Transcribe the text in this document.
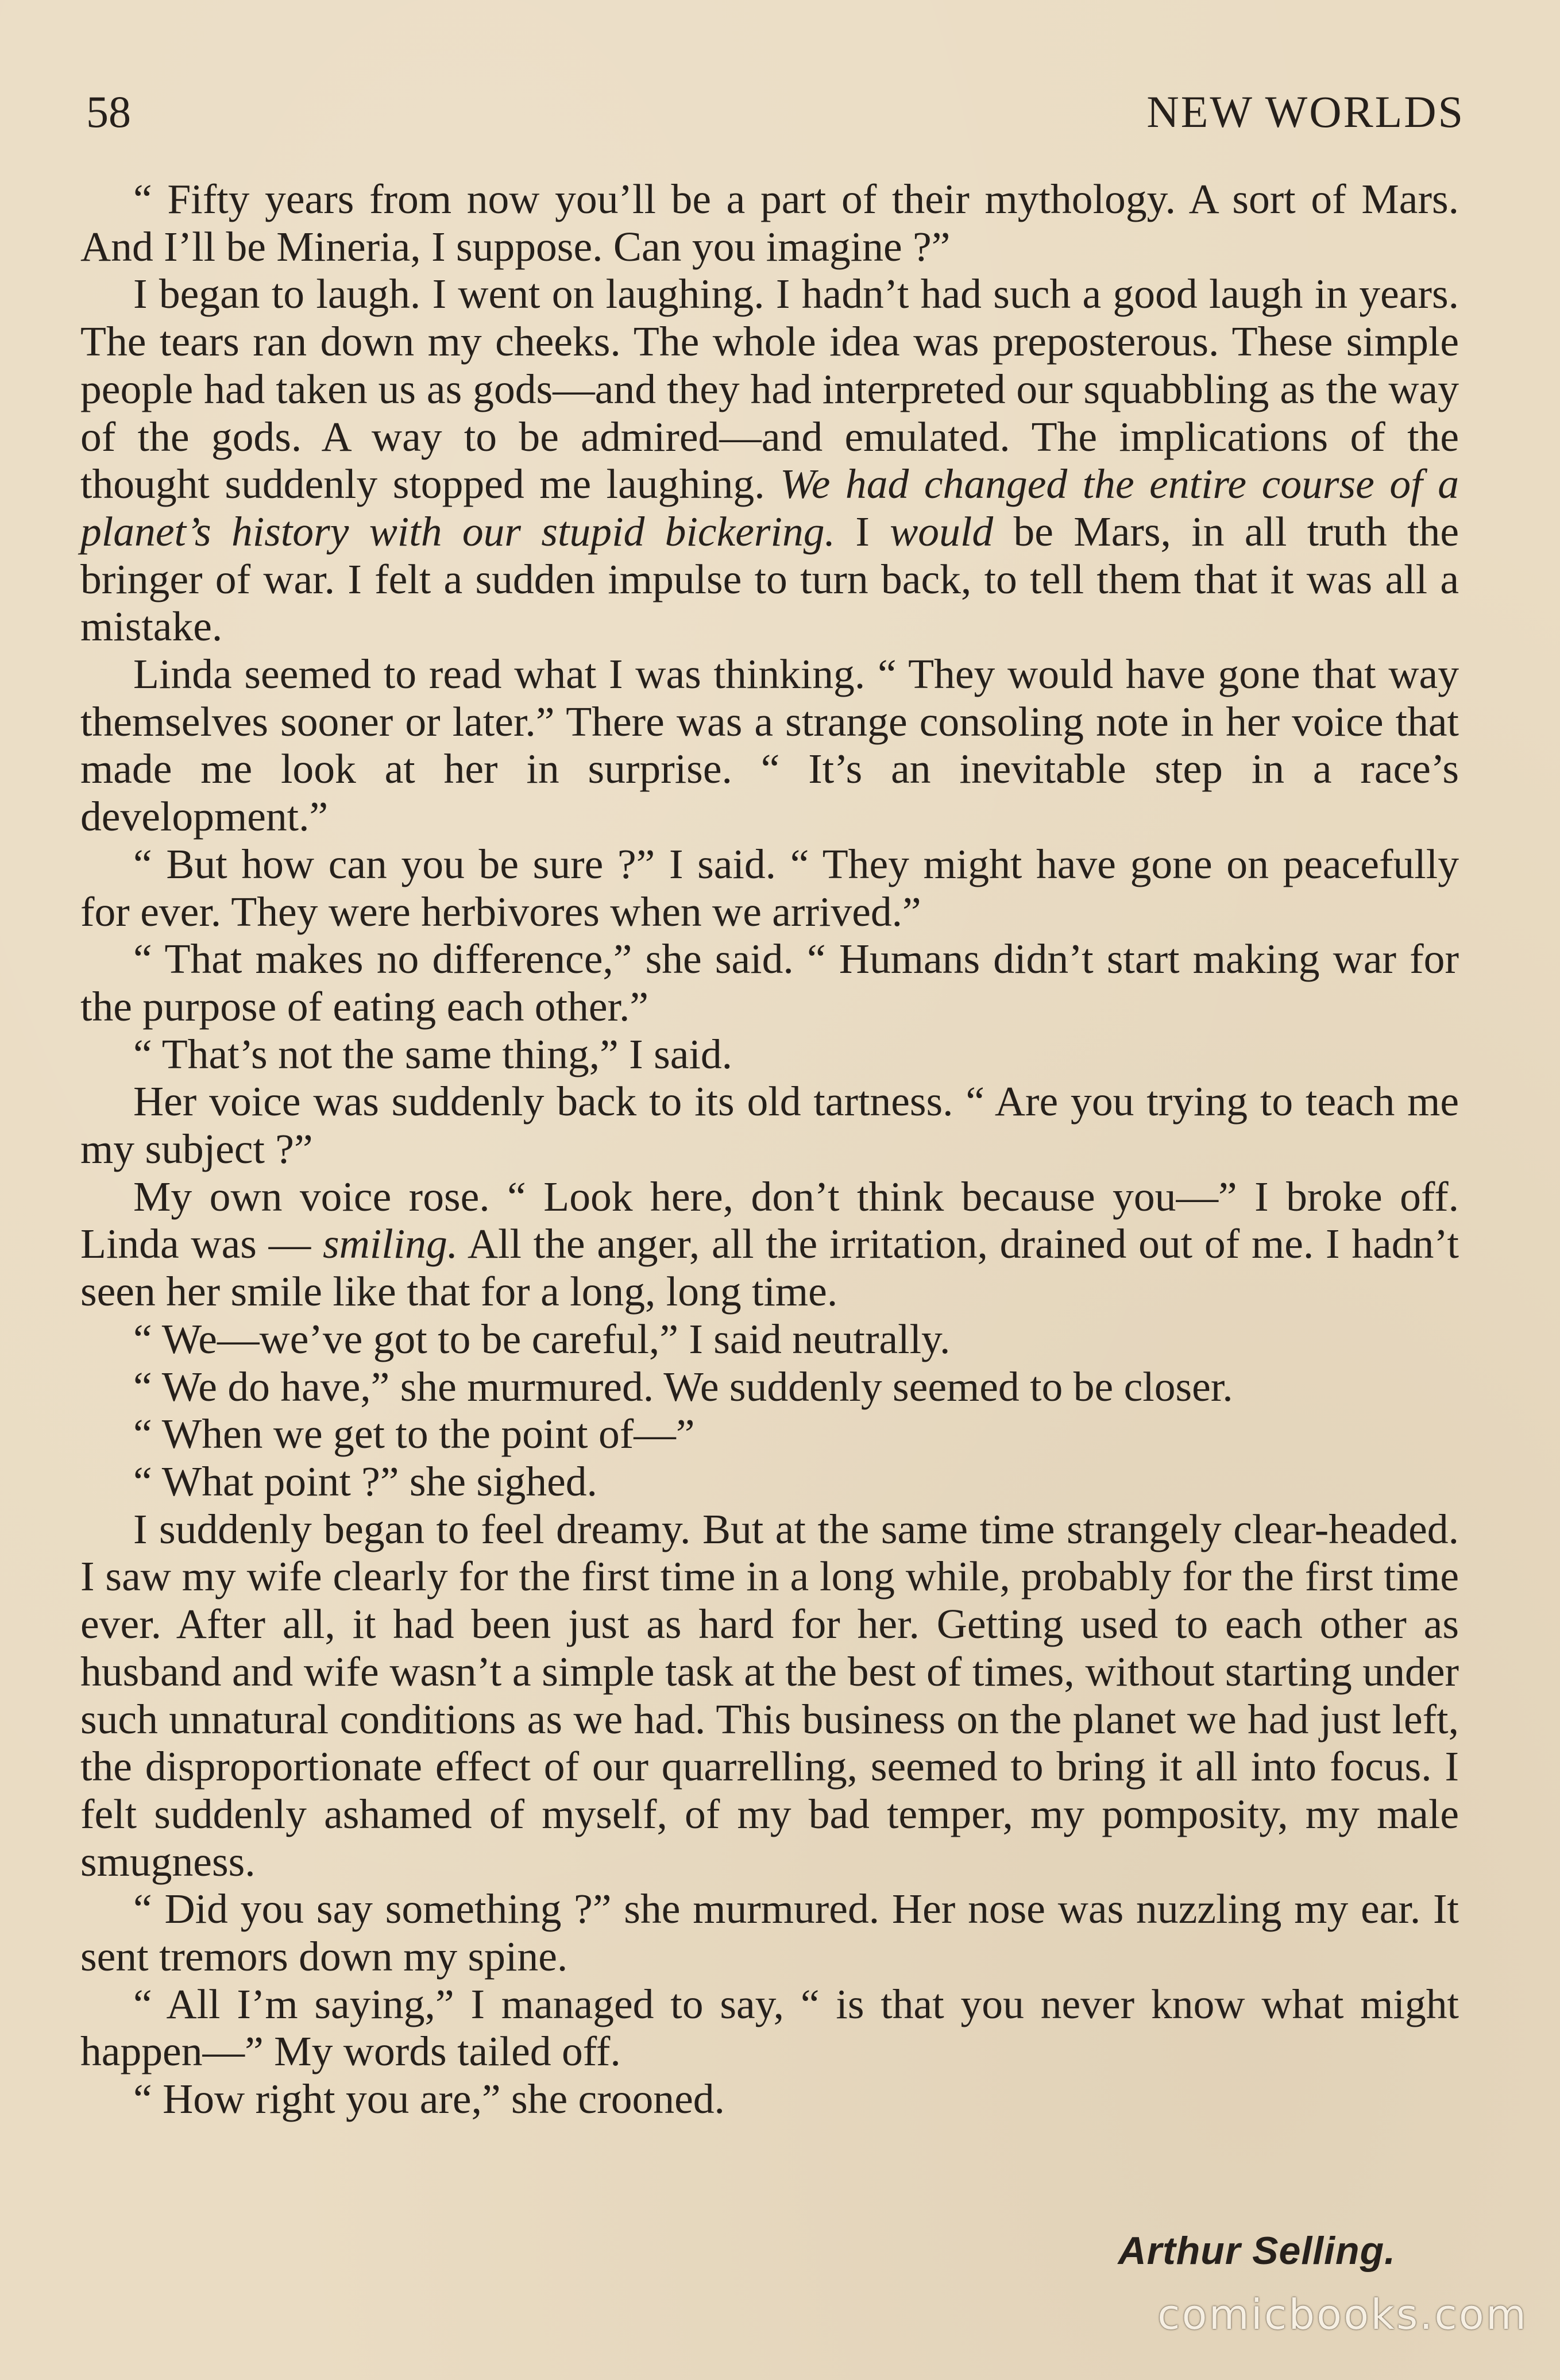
58	NEW WORLDS

“ Fifty years from now you’ll be a part of their mythology. A sort of Mars. And I’ll be Mineria, I suppose. Can you imagine ?”

I began to laugh. I went on laughing. I hadn’t had such a good laugh in years. The tears ran down my cheeks. The whole idea was preposterous. These simple people had taken us as gods—and they had interpreted our squabbling as the way of the gods. A way to be admired—and emulated. The implications of the thought suddenly stopped me laughing. We had changed the entire course of a planet’s history with our stupid bickering. I would be Mars, in all truth the bringer of war. I felt a sudden impulse to turn back, to tell them that it was all a mistake.

Linda seemed to read what I was thinking. “ They would have gone that way themselves sooner or later.” There was a strange consoling note in her voice that made me look at her in surprise. “ It’s an inevitable step in a race’s development.”

“ But how can you be sure ?” I said. “ They might have gone on peacefully for ever. They were herbivores when we arrived.”

“ That makes no difference,” she said. “ Humans didn’t start making war for the purpose of eating each other.”

“ That’s not the same thing,” I said.

Her voice was suddenly back to its old tartness. “ Are you trying to teach me my subject ?”

My own voice rose. “ Look here, don’t think because you—” I broke off. Linda was — smiling. All the anger, all the irritation, drained out of me. I hadn’t seen her smile like that for a long, long time.

“ We—we’ve got to be careful,” I said neutrally.

“ We do have,” she murmured. We suddenly seemed to be closer.

“ When we get to the point of—”

“ What point ?” she sighed.

I suddenly began to feel dreamy. But at the same time strangely clear-headed. I saw my wife clearly for the first time in a long while, probably for the first time ever. After all, it had been just as hard for her. Getting used to each other as husband and wife wasn’t a simple task at the best of times, without starting under such unnatural conditions as we had. This business on the planet we had just left, the disproportionate effect of our quarrelling, seemed to bring it all into focus. I felt suddenly ashamed of myself, of my bad temper, my pomposity, my male smugness.

“ Did you say something ?” she murmured. Her nose was nuzzling my ear. It sent tremors down my spine.

“ All I’m saying,” I managed to say, “ is that you never know what might happen—” My words tailed off.

“ How right you are,” she crooned.

Arthur Selling.
comicbooks.com
